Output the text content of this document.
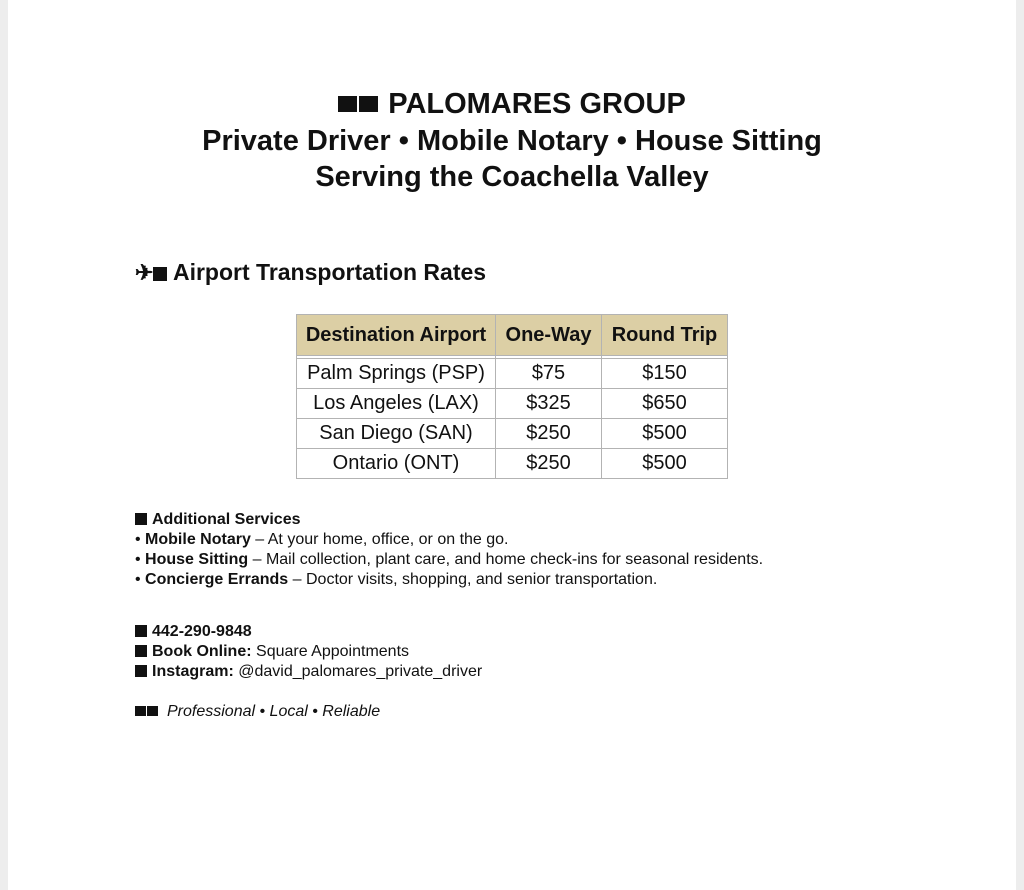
PALOMARES GROUP
Private Driver • Mobile Notary • House Sitting
Serving the Coachella Valley
✈ Airport Transportation Rates
Destination Airport	One-Way	Round Trip

Palm Springs (PSP)	$75	$150
Los Angeles (LAX)	$325	$650
San Diego (SAN)	$250	$500
Ontario (ONT)	$250	$500
Additional Services
• Mobile Notary – At your home, office, or on the go.
• House Sitting – Mail collection, plant care, and home check-ins for seasonal residents.
• Concierge Errands – Doctor visits, shopping, and senior transportation.
442-290-9848
Book Online: Square Appointments
Instagram: @david_palomares_private_driver
Professional • Local • Reliable
